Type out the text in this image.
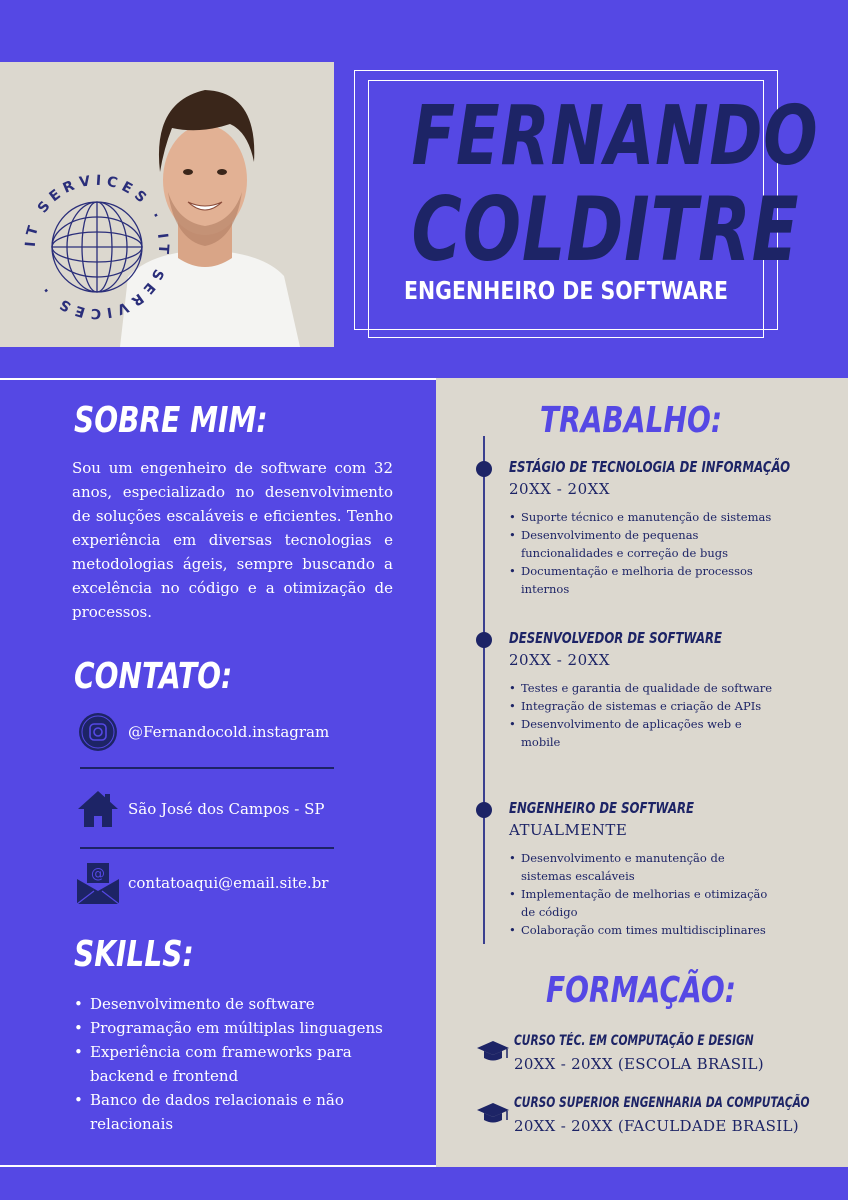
IT SERVICES · IT SERVICES ·
FERNANDO
COLDITRE
ENGENHEIRO DE SOFTWARE
SOBRE MIM:

Sou um engenheiro de software com 32 anos, especializado no desenvolvimento de soluções escaláveis e eficientes. Tenho experiência em diversas tecnologias e metodologias ágeis, sempre buscando a excelência no código e a otimização de processos.

CONTATO:
@Fernandocold.instagram
São José dos Campos - SP
@ contatoaqui@email.site.br
SKILLS:
• Desenvolvimento de software
• Programação em múltiplas linguagens
• Experiência com frameworks para backend e frontend
• Banco de dados relacionais e não relacionais
TRABALHO:
ESTÁGIO DE TECNOLOGIA DE INFORMAÇÃO
20XX - 20XX
• Suporte técnico e manutenção de sistemas
• Desenvolvimento de pequenas funcionalidades e correção de bugs
• Documentação e melhoria de processos internos
DESENVOLVEDOR DE SOFTWARE
20XX - 20XX
• Testes e garantia de qualidade de software
• Integração de sistemas e criação de APIs
• Desenvolvimento de aplicações web e mobile
ENGENHEIRO DE SOFTWARE
ATUALMENTE
• Desenvolvimento e manutenção de sistemas escaláveis
• Implementação de melhorias e otimização de código
• Colaboração com times multidisciplinares
FORMAÇÃO:
CURSO TÉC. EM COMPUTAÇÃO E DESIGN
20XX - 20XX (ESCOLA BRASIL)
CURSO SUPERIOR ENGENHARIA DA COMPUTAÇÃO
20XX - 20XX (FACULDADE BRASIL)
